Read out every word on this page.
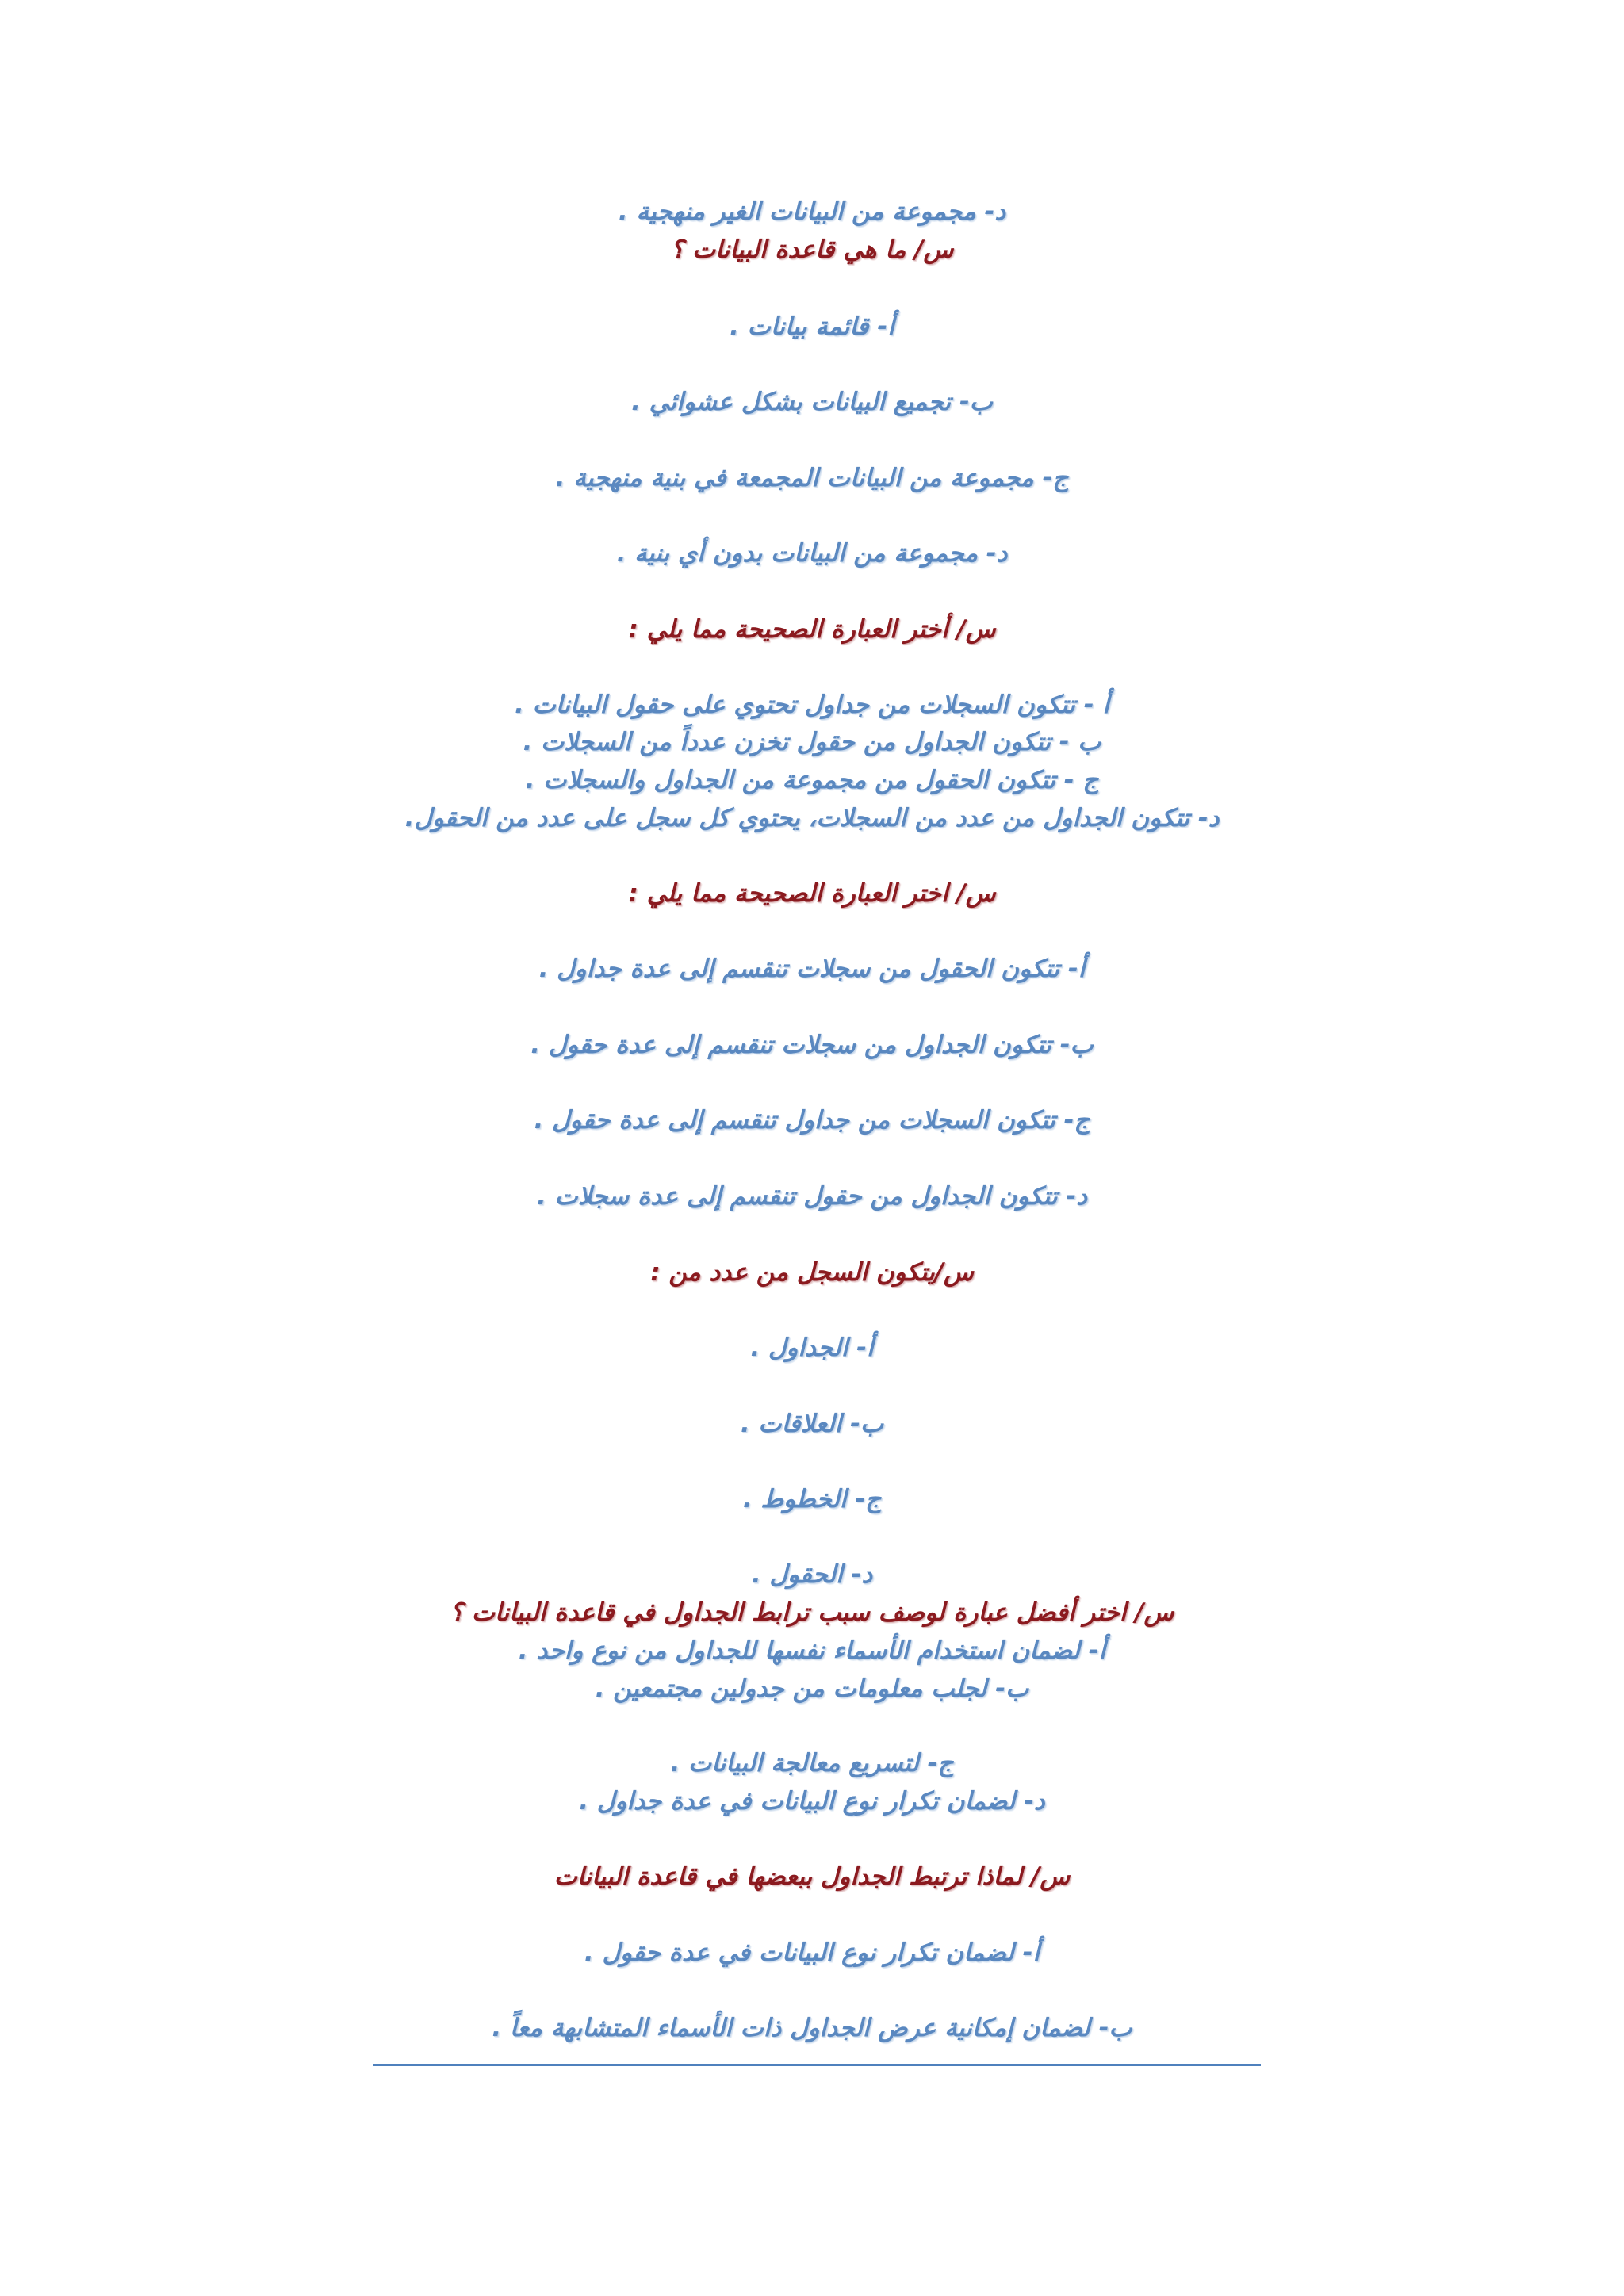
د- مجموعة من البيانات الغير منهجية .
س/ ما هي قاعدة البيانات ؟
أ- قائمة بيانات .
ب- تجميع البيانات بشكل عشوائي .
ج- مجموعة من البيانات المجمعة في بنية منهجية .
د- مجموعة من البيانات بدون أي بنية .
س/ أختر العبارة الصحيحة مما يلي :
أ - تتكون السجلات من جداول تحتوي على حقول البيانات .
ب - تتكون الجداول من حقول تخزن عدداً من السجلات .
ج - تتكون الحقول من مجموعة من الجداول والسجلات .
د- تتكون الجداول من عدد من السجلات، يحتوي كل سجل على عدد من الحقول.
س/ اختر العبارة الصحيحة مما يلي :
أ- تتكون الحقول من سجلات تنقسم إلى عدة جداول .
ب- تتكون الجداول من سجلات تنقسم إلى عدة حقول .
ج- تتكون السجلات من جداول تنقسم إلى عدة حقول .
د- تتكون الجداول من حقول تنقسم إلى عدة سجلات .
س/يتكون السجل من عدد من :
أ- الجداول .
ب- العلاقات .
ج- الخطوط .
د- الحقول .
س/ اختر أفضل عبارة لوصف سبب ترابط الجداول في قاعدة البيانات ؟
أ- لضمان استخدام الأسماء نفسها للجداول من نوع واحد .
ب- لجلب معلومات من جدولين مجتمعين .
ج- لتسريع معالجة البيانات .
د- لضمان تكرار نوع البيانات في عدة جداول .
س/ لماذا ترتبط الجداول ببعضها في قاعدة البيانات
أ- لضمان تكرار نوع البيانات في عدة حقول .
ب- لضمان إمكانية عرض الجداول ذات الأسماء المتشابهة معاً .
